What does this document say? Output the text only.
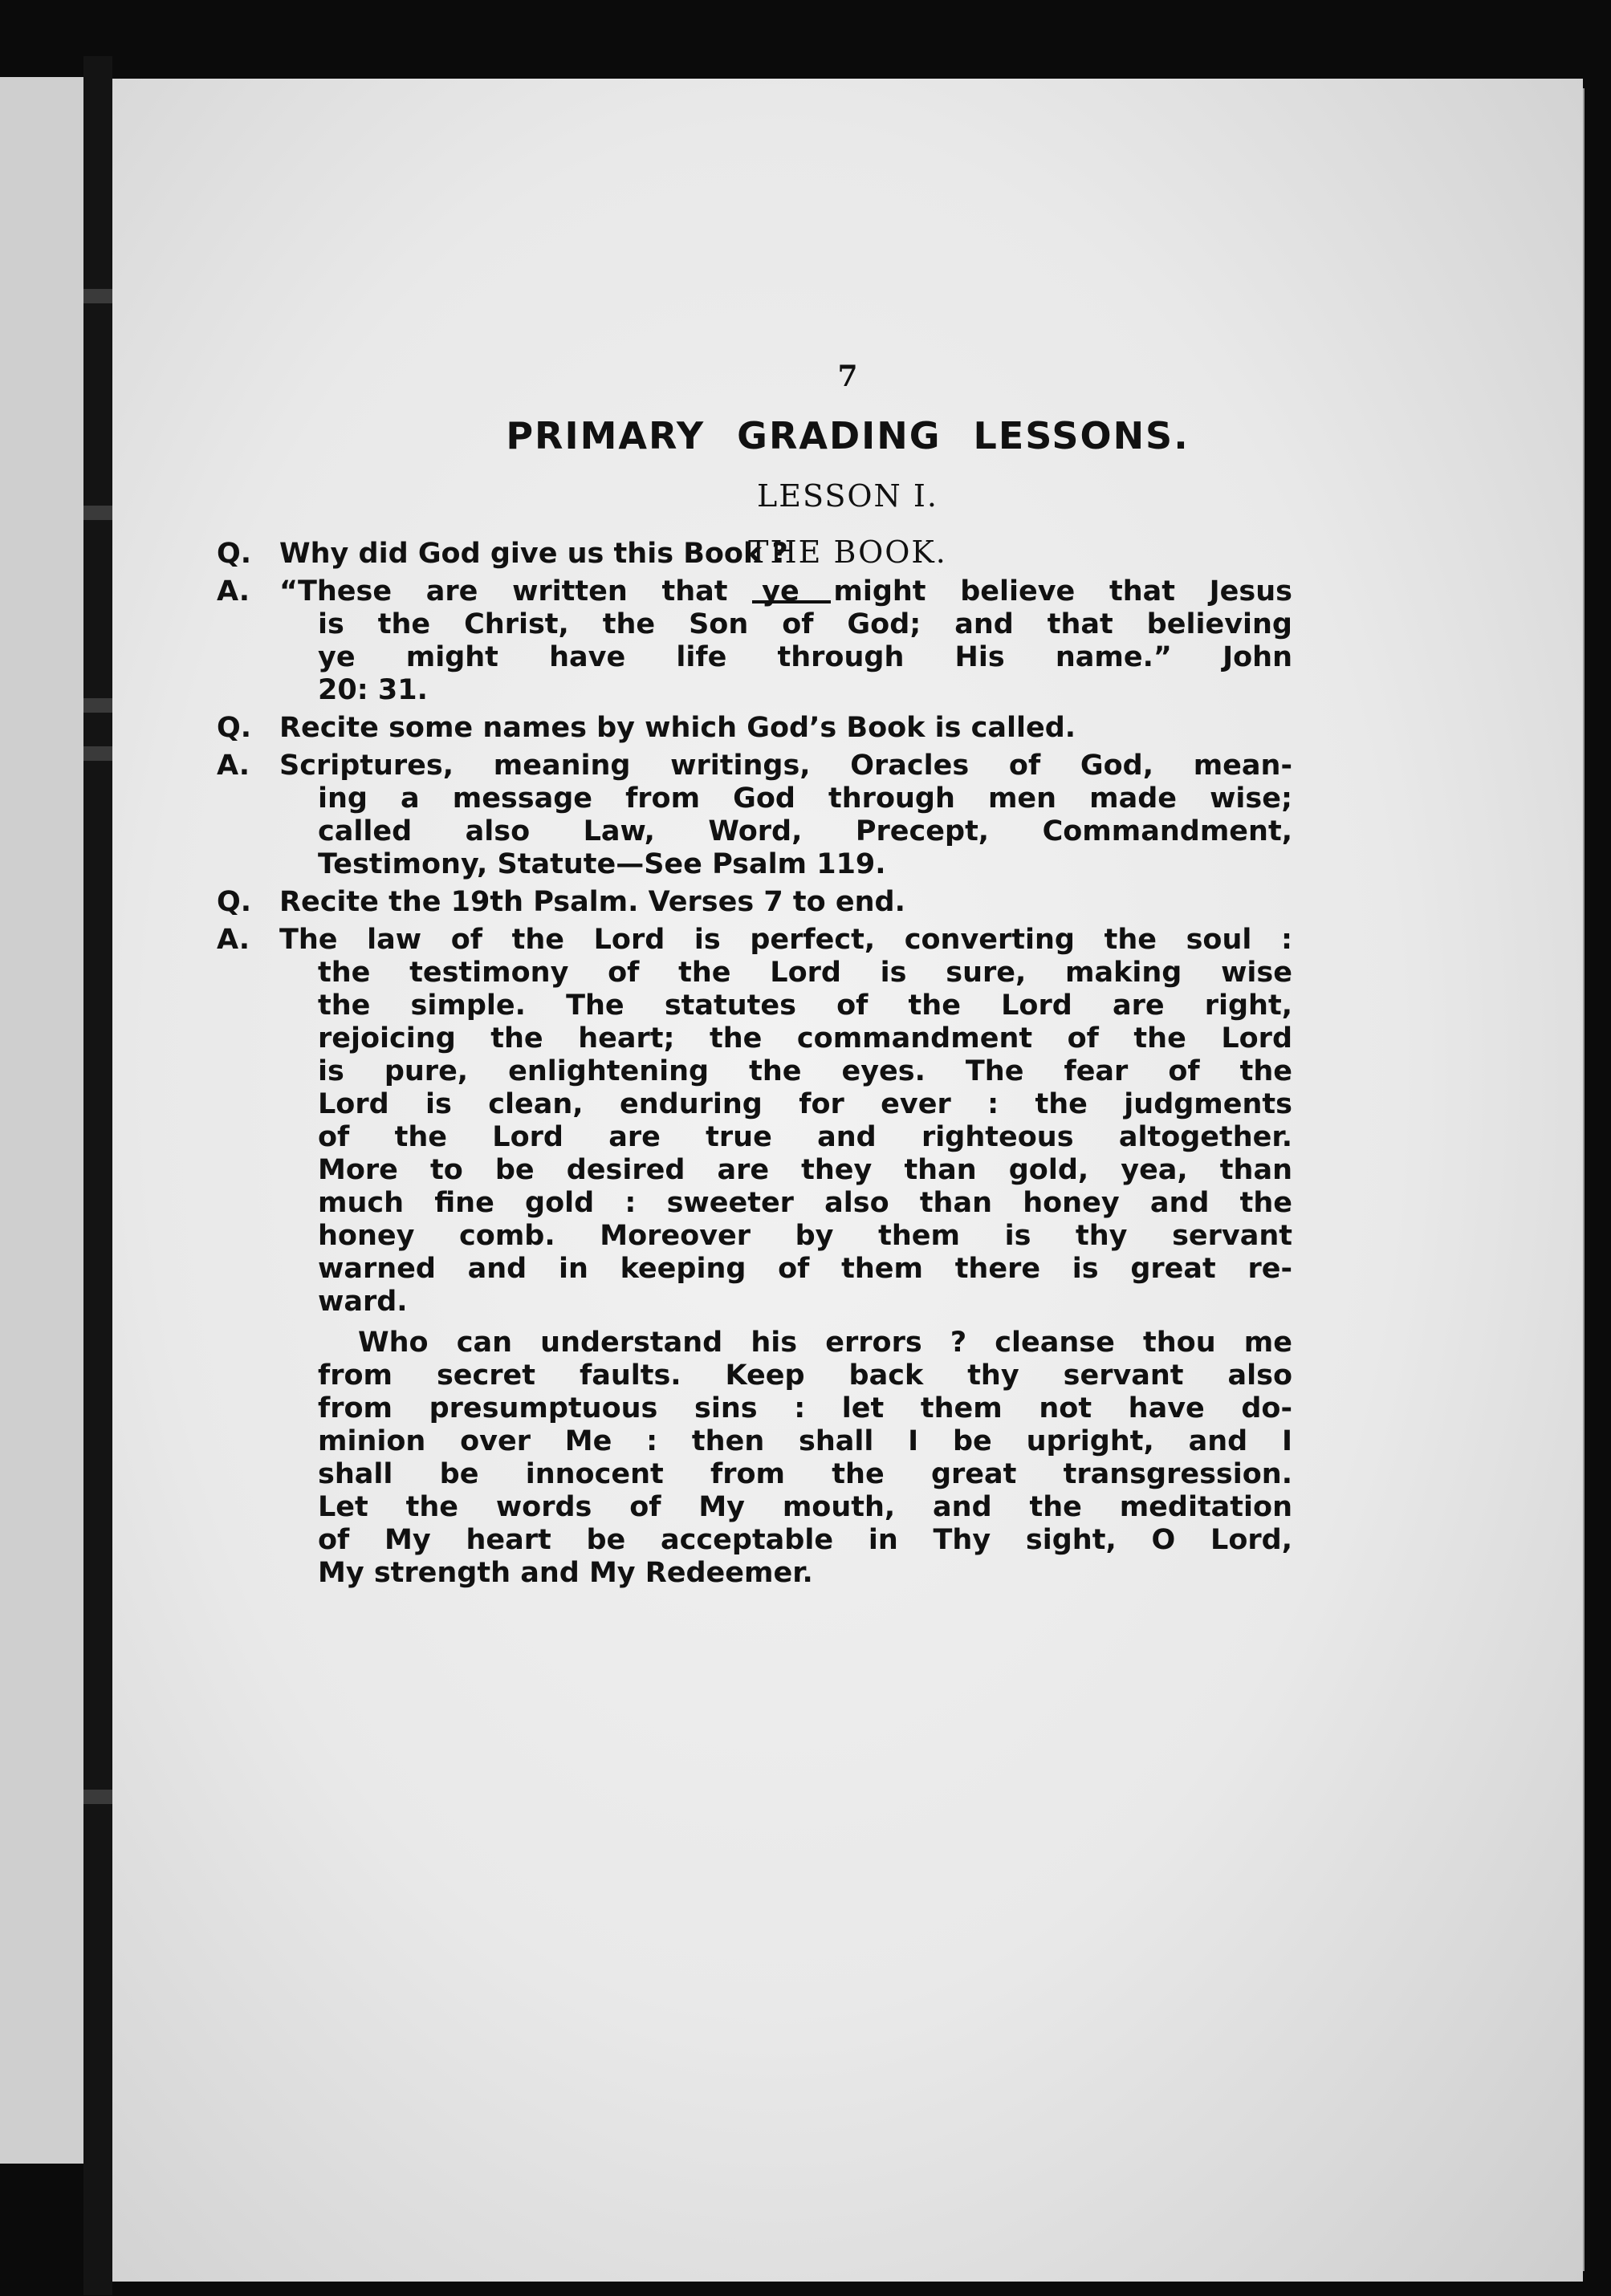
7
PRIMARY GRADING LESSONS.
LESSON I.
THE BOOK.
Q. Why did God give us this Book ?
A.	“These are written that ye might believe that Jesus
is the Christ, the Son of God; and that believing
ye might have life through His name.” John
20: 31.
Q. Recite some names by which God’s Book is called.
A.	Scriptures, meaning writings, Oracles of God, mean-
ing a message from God through men made wise;
called also Law, Word, Precept, Commandment,
Testimony, Statute—See Psalm 119.
Q. Recite the 19th Psalm. Verses 7 to end.
A.	The law of the Lord is perfect, converting the soul :
the testimony of the Lord is sure, making wise
the simple. The statutes of the Lord are right,
rejoicing the heart; the commandment of the Lord
is pure, enlightening the eyes. The fear of the
Lord is clean, enduring for ever : the judgments
of the Lord are true and righteous altogether.
More to be desired are they than gold, yea, than
much fine gold : sweeter also than honey and the
honey comb. Moreover by them is thy servant
warned and in keeping of them there is great re-
ward.
Who can understand his errors ? cleanse thou me
from secret faults. Keep back thy servant also
from presumptuous sins : let them not have do-
minion over Me : then shall I be upright, and I
shall be innocent from the great transgression.
Let the words of My mouth, and the meditation
of My heart be acceptable in Thy sight, O Lord,
My strength and My Redeemer.
